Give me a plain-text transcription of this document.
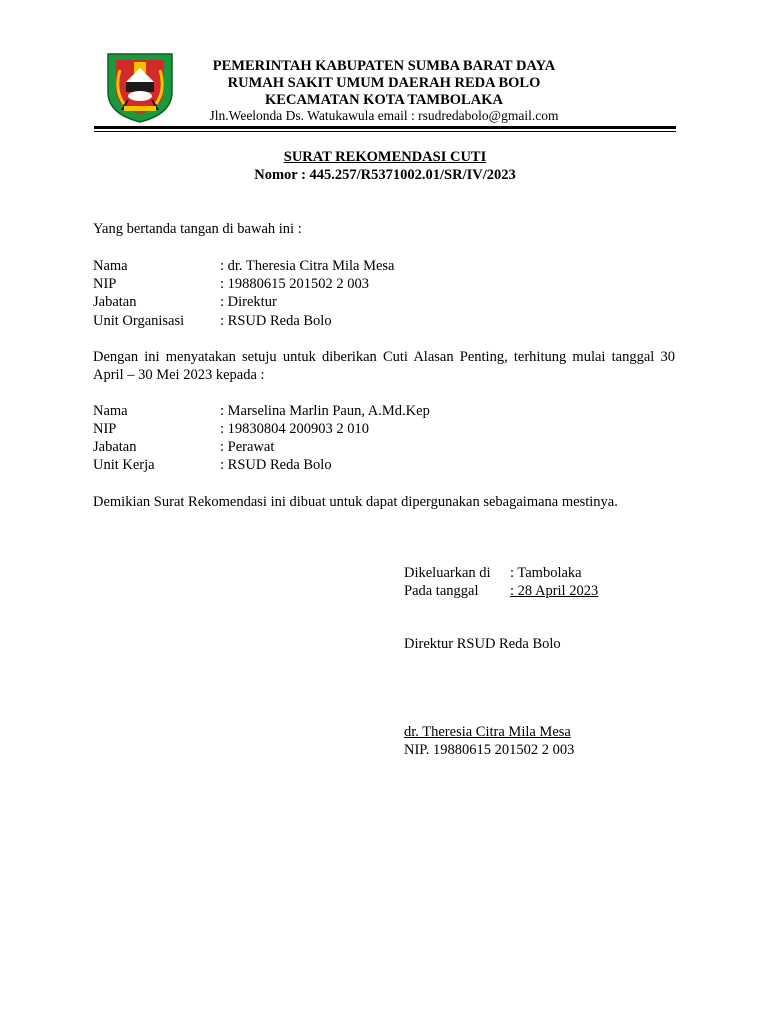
PEMERINTAH KABUPATEN SUMBA BARAT DAYA
RUMAH SAKIT UMUM DAERAH REDA BOLO
KECAMATAN KOTA TAMBOLAKA
Jln.Weelonda Ds. Watukawula email : rsudredabolo@gmail.com
SURAT REKOMENDASI CUTI
Nomor : 445.257/R5371002.01/SR/IV/2023
Yang bertanda tangan di bawah ini :
Nama	: dr. Theresia Citra Mila Mesa
NIP	: 19880615 201502 2 003
Jabatan	: Direktur
Unit Organisasi : RSUD Reda Bolo
Dengan ini menyatakan setuju untuk diberikan Cuti Alasan Penting, terhitung mulai tanggal 30 April – 30 Mei 2023 kepada :
Nama	: Marselina Marlin Paun, A.Md.Kep
NIP	: 19830804 200903 2 010
Jabatan	: Perawat
Unit Kerja	: RSUD Reda Bolo
Demikian Surat Rekomendasi ini dibuat untuk dapat dipergunakan sebagaimana mestinya.
Dikeluarkan di : Tambolaka
Pada tanggal : 28 April 2023
Direktur RSUD Reda Bolo
dr. Theresia Citra Mila Mesa
NIP. 19880615 201502 2 003
